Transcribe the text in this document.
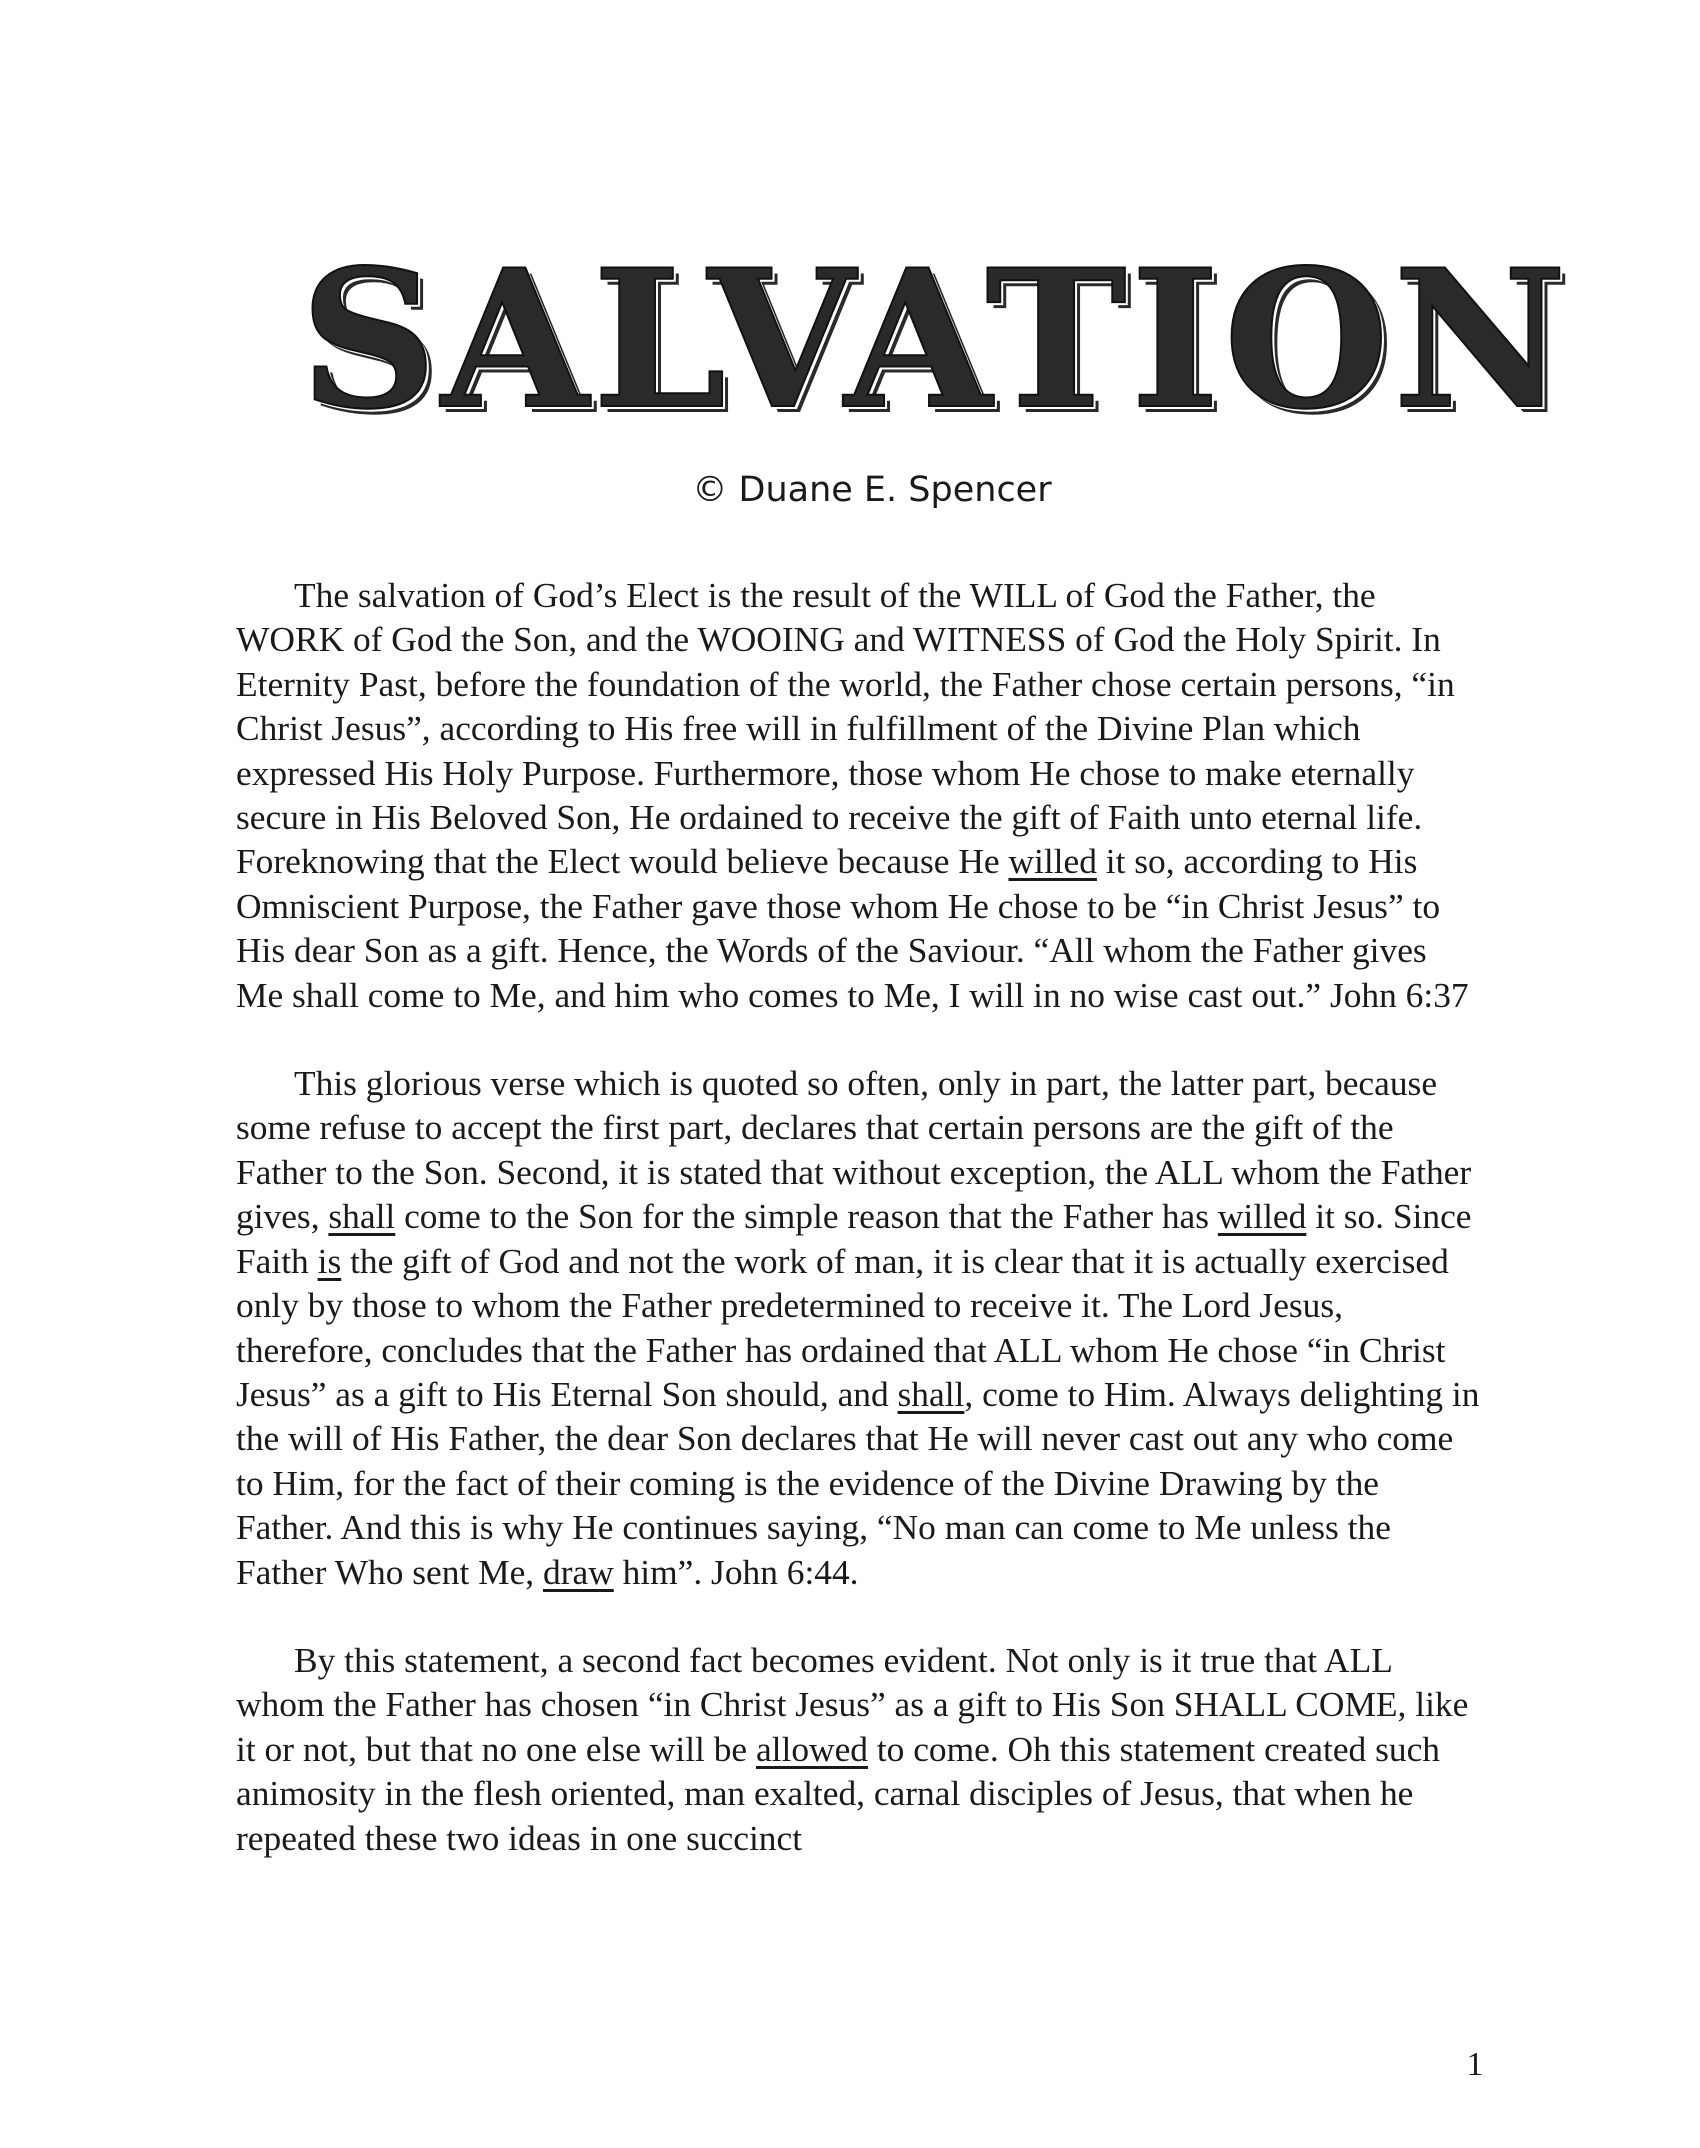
SALVATION
© Duane E. Spencer

The salvation of God’s Elect is the result of the WILL of God the Father, the WORK of God the Son, and the WOOING and WITNESS of God the Holy Spirit. In Eternity Past, before the foundation of the world, the Father chose certain persons, “in Christ Jesus”, according to His free will in fulfillment of the Divine Plan which expressed His Holy Purpose. Furthermore, those whom He chose to make eternally secure in His Beloved Son, He ordained to receive the gift of Faith unto eternal life. Foreknowing that the Elect would believe because He willed it so, according to His Omniscient Purpose, the Father gave those whom He chose to be “in Christ Jesus” to His dear Son as a gift. Hence, the Words of the Saviour. “All whom the Father gives Me shall come to Me, and him who comes to Me, I will in no wise cast out.” John 6:37

This glorious verse which is quoted so often, only in part, the latter part, because some refuse to accept the first part, declares that certain persons are the gift of the Father to the Son. Second, it is stated that without exception, the ALL whom the Father gives, shall come to the Son for the simple reason that the Father has willed it so. Since Faith is the gift of God and not the work of man, it is clear that it is actually exercised only by those to whom the Father predetermined to receive it. The Lord Jesus, therefore, concludes that the Father has ordained that ALL whom He chose “in Christ Jesus” as a gift to His Eternal Son should, and shall, come to Him. Always delighting in the will of His Father, the dear Son declares that He will never cast out any who come to Him, for the fact of their coming is the evidence of the Divine Drawing by the Father. And this is why He continues saying, “No man can come to Me unless the Father Who sent Me, draw him”. John 6:44.

By this statement, a second fact becomes evident. Not only is it true that ALL whom the Father has chosen “in Christ Jesus” as a gift to His Son SHALL COME, like it or not, but that no one else will be allowed to come. Oh this statement created such animosity in the flesh oriented, man exalted, carnal disciples of Jesus, that when he repeated these two ideas in one succinct

1
